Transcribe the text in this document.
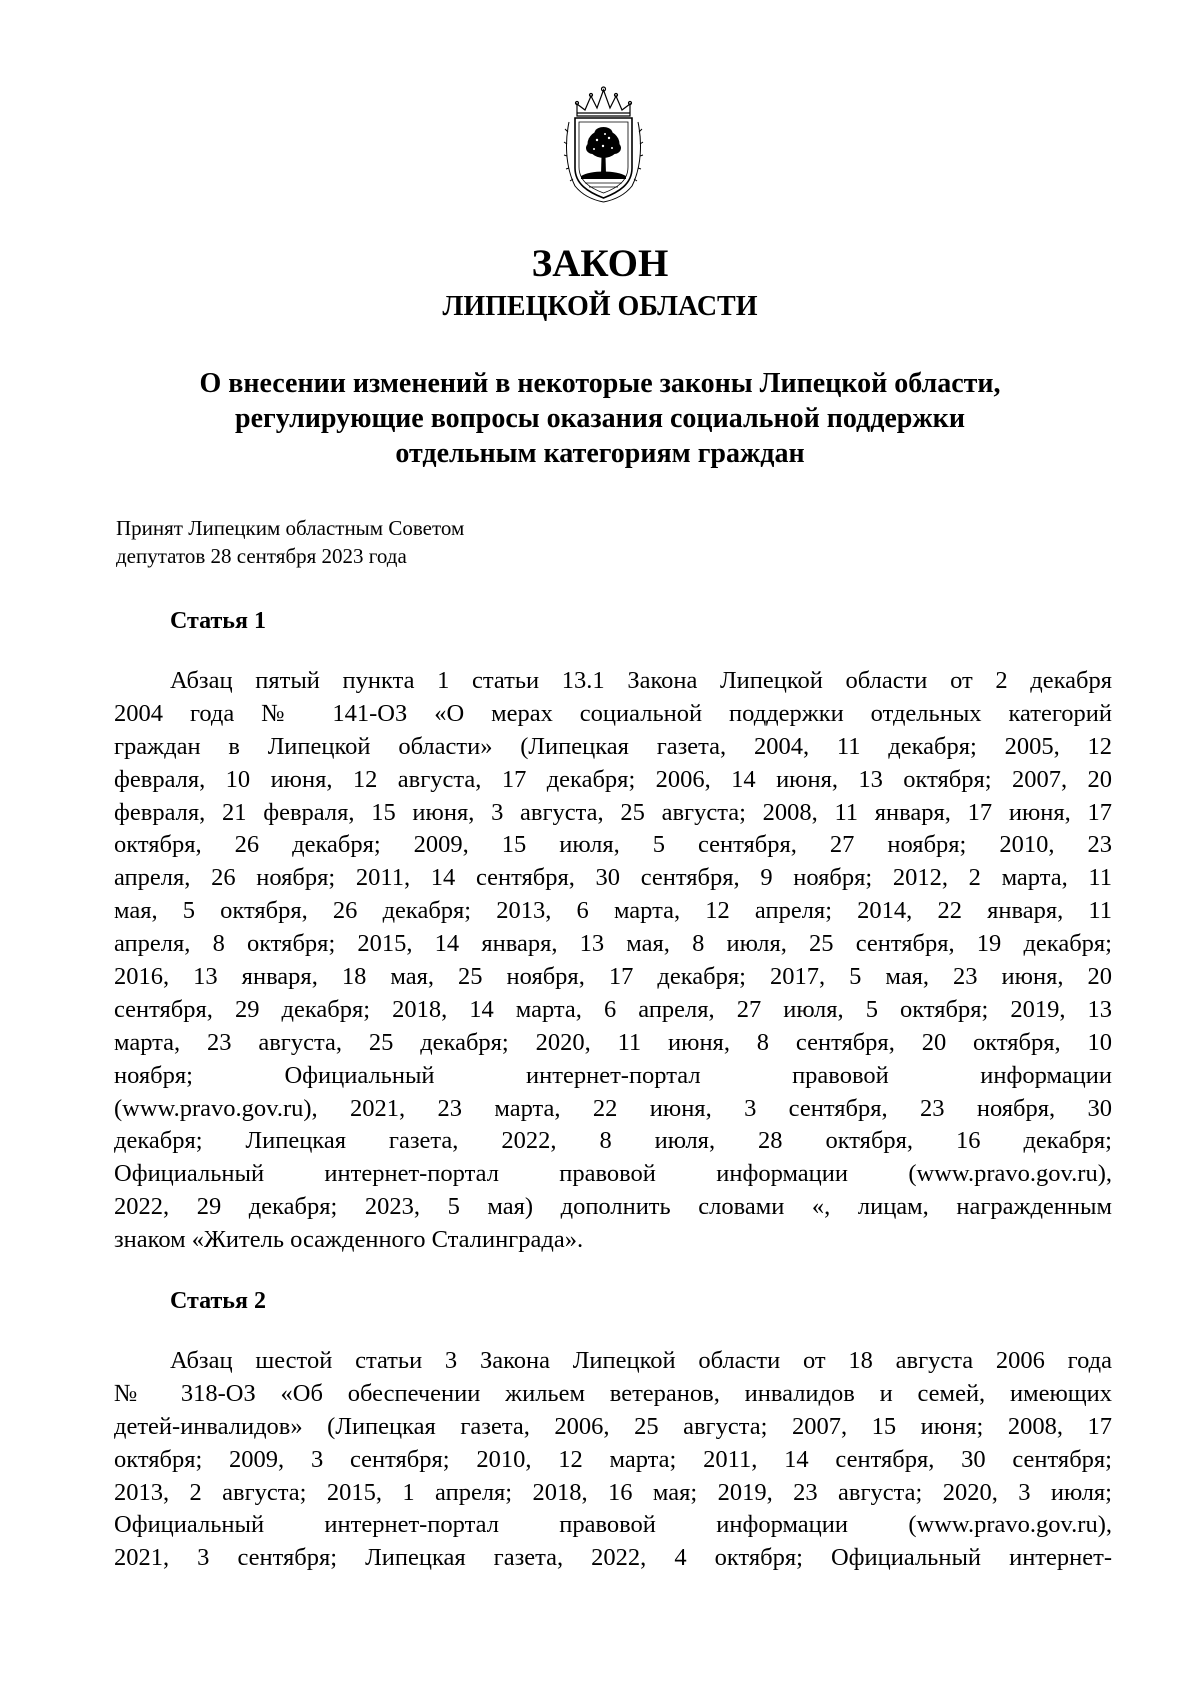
ЗАКОН
ЛИПЕЦКОЙ ОБЛАСТИ
О внесении изменений в некоторые законы Липецкой области,
регулирующие вопросы оказания социальной поддержки
отдельным категориям граждан
Принят Липецким областным Советом
депутатов 28 сентября 2023 года
Статья 1
Абзац пятый пункта 1 статьи 13.1 Закона Липецкой области от 2 декабря
2004 года № 141-ОЗ «О мерах социальной поддержки отдельных категорий
граждан в Липецкой области» (Липецкая газета, 2004, 11 декабря; 2005, 12
февраля, 10 июня, 12 августа, 17 декабря; 2006, 14 июня, 13 октября; 2007, 20
февраля, 21 февраля, 15 июня, 3 августа, 25 августа; 2008, 11 января, 17 июня, 17
октября, 26 декабря; 2009, 15 июля, 5 сентября, 27 ноября; 2010, 23
апреля, 26 ноября; 2011, 14 сентября, 30 сентября, 9 ноября; 2012, 2 марта, 11
мая, 5 октября, 26 декабря; 2013, 6 марта, 12 апреля; 2014, 22 января, 11
апреля, 8 октября; 2015, 14 января, 13 мая, 8 июля, 25 сентября, 19 декабря;
2016, 13 января, 18 мая, 25 ноября, 17 декабря; 2017, 5 мая, 23 июня, 20
сентября, 29 декабря; 2018, 14 марта, 6 апреля, 27 июля, 5 октября; 2019, 13
марта, 23 августа, 25 декабря; 2020, 11 июня, 8 сентября, 20 октября, 10
ноября; Официальный интернет-портал правовой информации
(www.pravo.gov.ru), 2021, 23 марта, 22 июня, 3 сентября, 23 ноября, 30
декабря; Липецкая газета, 2022, 8 июля, 28 октября, 16 декабря;
Официальный интернет-портал правовой информации (www.pravo.gov.ru),
2022, 29 декабря; 2023, 5 мая) дополнить словами «, лицам, награжденным
знаком «Житель осажденного Сталинграда».
Статья 2
Абзац шестой статьи 3 Закона Липецкой области от 18 августа 2006 года
№ 318-ОЗ «Об обеспечении жильем ветеранов, инвалидов и семей, имеющих
детей-инвалидов» (Липецкая газета, 2006, 25 августа; 2007, 15 июня; 2008, 17
октября; 2009, 3 сентября; 2010, 12 марта; 2011, 14 сентября, 30 сентября;
2013, 2 августа; 2015, 1 апреля; 2018, 16 мая; 2019, 23 августа; 2020, 3 июля;
Официальный интернет-портал правовой информации (www.pravo.gov.ru),
2021, 3 сентября; Липецкая газета, 2022, 4 октября; Официальный интернет-
